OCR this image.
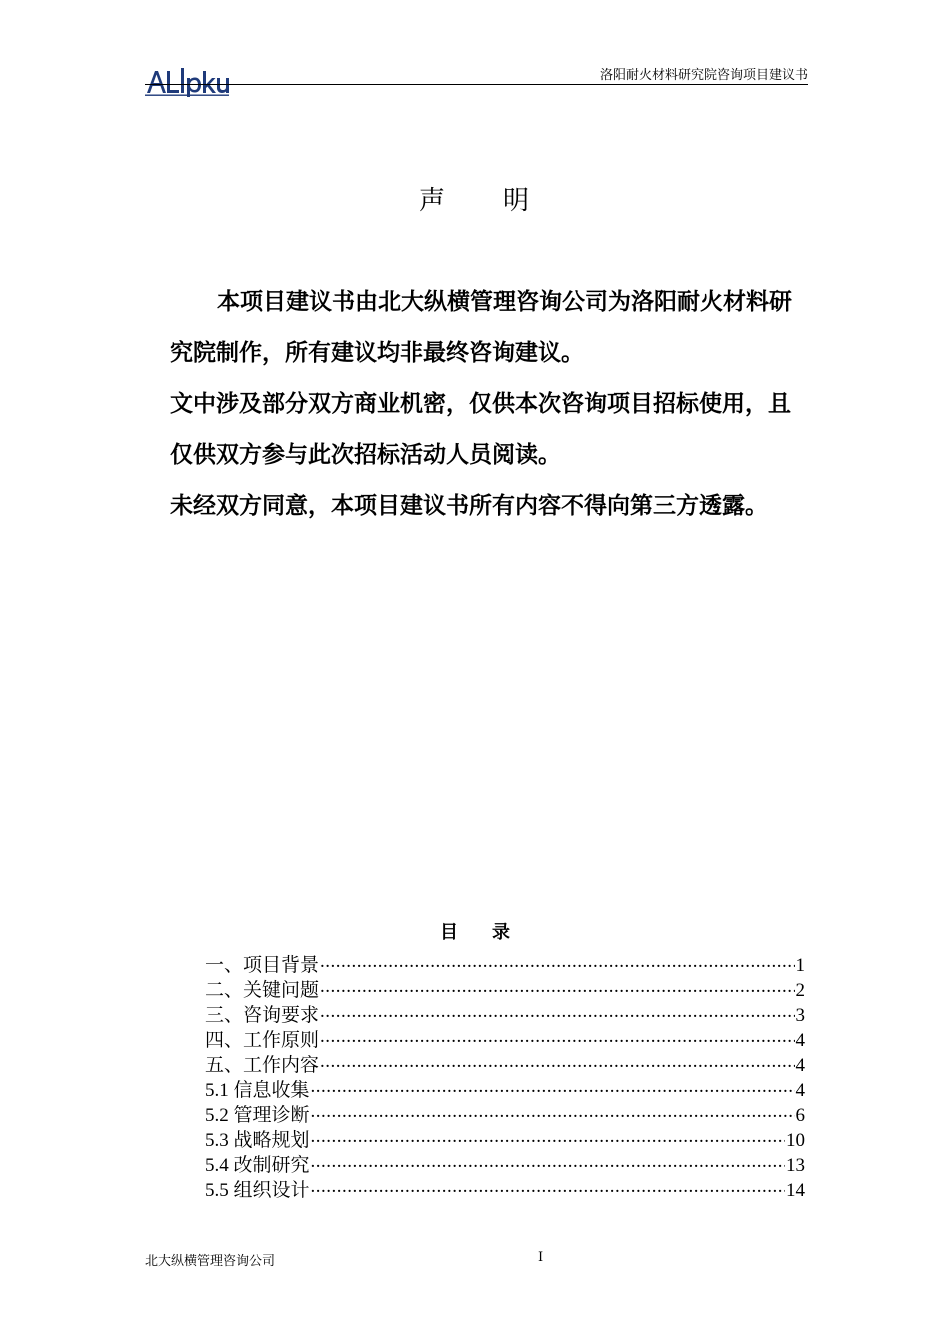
洛阳耐火材料研究院咨询项目建议书
声 明

本项目建议书由北大纵横管理咨询公司为洛阳耐火材料研究院制作，所有建议均非最终咨询建议。

文中涉及部分双方商业机密，仅供本次咨询项目招标使用，且仅供双方参与此次招标活动人员阅读。

未经双方同意，本项目建议书所有内容不得向第三方透露。

目 录
一、项目背景 .....	1
二、关键问题 .....	2
三、咨询要求 .....	3
四、工作原则 .....	4
五、工作内容 .....	4
5.1 信息收集 .....	4
5.2 管理诊断 .....	6
5.3 战略规划 .....	10
5.4 改制研究 .....	13
5.5 组织设计 .....	14
北大纵横管理咨询公司	I
